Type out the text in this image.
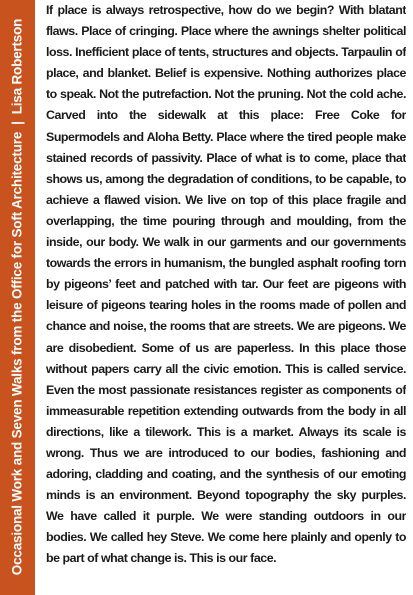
Occasional Work and Seven Walks from the Office for Soft Architecture|Lisa Robertson

If place is always retrospective, how do we begin? With blatant flaws. Place of cringing. Place where the awnings shelter political loss. Inefficient place of tents, structures and objects. Tarpaulin of place, and blanket. Belief is expensive. Nothing authorizes place to speak. Not the putrefaction. Not the pruning. Not the cold ache. Carved into the sidewalk at this place: Free Coke for Supermodels and Aloha Betty. Place where the tired people make stained records of passivity. Place of what is to come, place that shows us, among the degradation of conditions, to be capable, to achieve a flawed vision. We live on top of this place fragile and overlapping, the time pouring through and moulding, from the inside, our body. We walk in our garments and our governments towards the errors in humanism, the bungled asphalt roofing torn by pigeons’ feet and patched with tar. Our feet are pigeons with leisure of pigeons tearing holes in the rooms made of pollen and chance and noise, the rooms that are streets. We are pigeons. We are disobedient. Some of us are paperless. In this place those without papers carry all the civic emotion. This is called service. Even the most passionate resistances register as components of immeasurable repetition extending outwards from the body in all directions, like a tilework. This is a market. Always its scale is wrong. Thus we are introduced to our bodies, fashioning and adoring, cladding and coating, and the synthesis of our emoting minds is an environment. Beyond topography the sky purples. We have called it purple. We were standing outdoors in our bodies. We called hey Steve. We come here plainly and openly to be part of what change is. This is our face.
